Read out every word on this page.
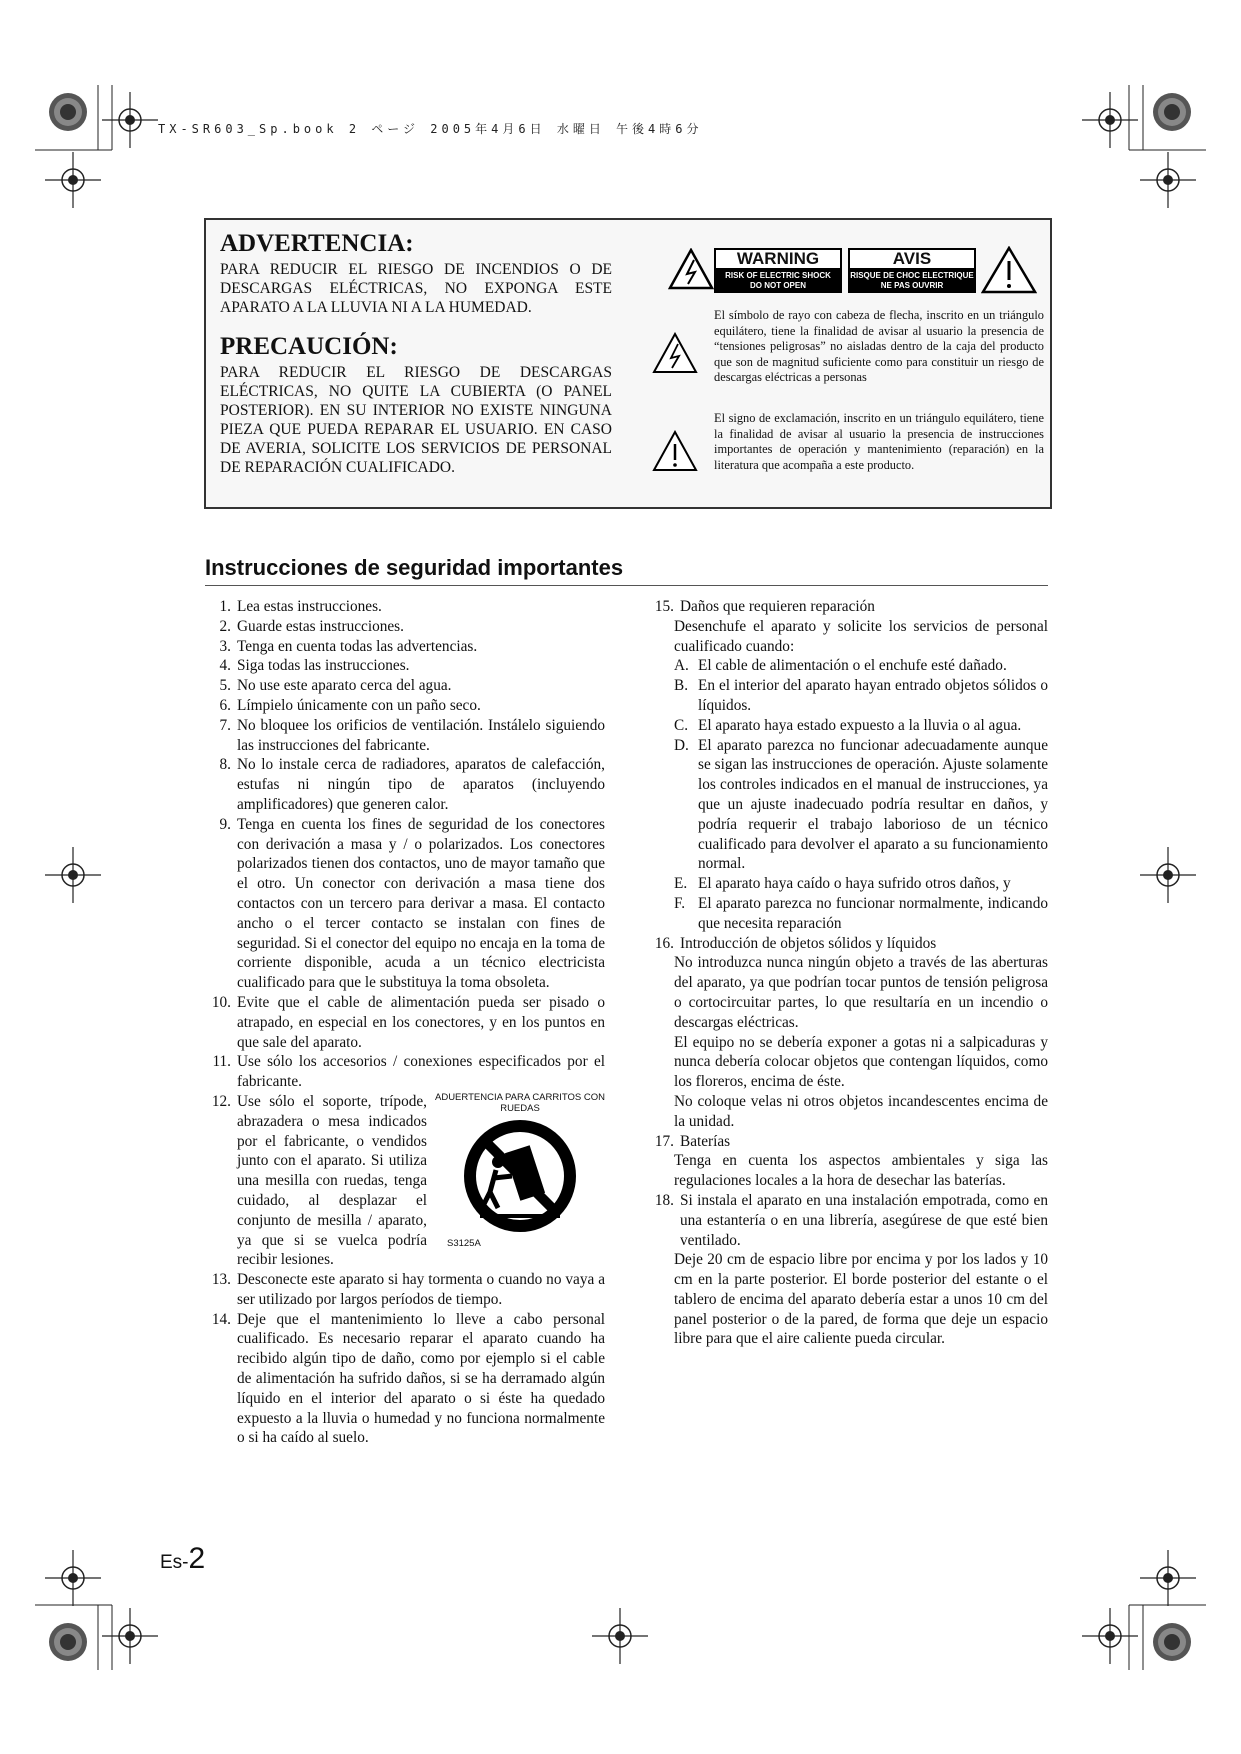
TX-SR603_Sp.book 2 ページ 2005年4月6日 水曜日 午後4時6分
ADVERTENCIA:
PARA REDUCIR EL RIESGO DE INCENDIOS O DE DESCARGAS ELÉCTRICAS, NO EXPONGA ESTE APARATO A LA LLUVIA NI A LA HUMEDAD.
PRECAUCIÓN:
PARA REDUCIR EL RIESGO DE DESCARGAS ELÉCTRICAS, NO QUITE LA CUBIERTA (O PANEL POSTERIOR). EN SU INTERIOR NO EXISTE NINGUNA PIEZA QUE PUEDA REPARAR EL USUARIO. EN CASO DE AVERIA, SOLICITE LOS SERVICIOS DE PERSONAL DE REPARACIÓN CUALIFICADO.
WARNING
RISK OF ELECTRIC SHOCK
DO NOT OPEN
AVIS
RISQUE DE CHOC ELECTRIQUE
NE PAS OUVRIR
El símbolo de rayo con cabeza de flecha, inscrito en un triángulo equilátero, tiene la finalidad de avisar al usuario la presencia de “tensiones peligrosas” no aisladas dentro de la caja del producto que son de magnitud suficiente como para constituir un riesgo de descargas eléctricas a personas
El signo de exclamación, inscrito en un triángulo equilátero, tiene la finalidad de avisar al usuario la presencia de instrucciones importantes de operación y mantenimiento (reparación) en la literatura que acompaña a este producto.
Instrucciones de seguridad importantes
1. Lea estas instrucciones.
2. Guarde estas instrucciones.
3. Tenga en cuenta todas las advertencias.
4. Siga todas las instrucciones.
5. No use este aparato cerca del agua.
6. Límpielo únicamente con un paño seco.
7. No bloquee los orificios de ventilación. Instálelo siguiendo las instrucciones del fabricante.
8. No lo instale cerca de radiadores, aparatos de calefacción, estufas ni ningún tipo de aparatos (incluyendo amplificadores) que generen calor.
9. Tenga en cuenta los fines de seguridad de los conectores con derivación a masa y / o polarizados. Los conectores polarizados tienen dos contactos, uno de mayor tamaño que el otro. Un conector con derivación a masa tiene dos contactos con un tercero para derivar a masa. El contacto ancho o el tercer contacto se instalan con fines de seguridad. Si el conector del equipo no encaja en la toma de corriente disponible, acuda a un técnico electricista cualificado para que le substituya la toma obsoleta.
10. Evite que el cable de alimentación pueda ser pisado o atrapado, en especial en los conectores, y en los puntos en que sale del aparato.
11. Use sólo los accesorios / conexiones especificados por el fabricante.
12. Use sólo el soporte, trípode, abrazadera o mesa indicados por el fabricante, o vendidos junto con el aparato. Si utiliza una mesilla con ruedas, tenga cuidado, al desplazar el conjunto de mesilla / aparato, ya que si se vuelca podría recibir lesiones.
ADUERTENCIA PARA CARRITOS CON RUEDAS
S3125A
13. Desconecte este aparato si hay tormenta o cuando no vaya a ser utilizado por largos períodos de tiempo.
14. Deje que el mantenimiento lo lleve a cabo personal cualificado. Es necesario reparar el aparato cuando ha recibido algún tipo de daño, como por ejemplo si el cable de alimentación ha sufrido daños, si se ha derramado algún líquido en el interior del aparato o si éste ha quedado expuesto a la lluvia o humedad y no funciona normalmente o si ha caído al suelo.
15. Daños que requieren reparación
Desenchufe el aparato y solicite los servicios de personal cualificado cuando:
A. El cable de alimentación o el enchufe esté dañado.
B. En el interior del aparato hayan entrado objetos sólidos o líquidos.
C. El aparato haya estado expuesto a la lluvia o al agua.
D. El aparato parezca no funcionar adecuadamente aunque se sigan las instrucciones de operación. Ajuste solamente los controles indicados en el manual de instrucciones, ya que un ajuste inadecuado podría resultar en daños, y podría requerir el trabajo laborioso de un técnico cualificado para devolver el aparato a su funcionamiento normal.
E. El aparato haya caído o haya sufrido otros daños, y
F. El aparato parezca no funcionar normalmente, indicando que necesita reparación
16. Introducción de objetos sólidos y líquidos
No introduzca nunca ningún objeto a través de las aberturas del aparato, ya que podrían tocar puntos de tensión peligrosa o cortocircuitar partes, lo que resultaría en un incendio o descargas eléctricas.
El equipo no se debería exponer a gotas ni a salpicaduras y nunca debería colocar objetos que contengan líquidos, como los floreros, encima de éste.
No coloque velas ni otros objetos incandescentes encima de la unidad.
17. Baterías
Tenga en cuenta los aspectos ambientales y siga las regulaciones locales a la hora de desechar las baterías.
18. Si instala el aparato en una instalación empotrada, como en una estantería o en una librería, asegúrese de que esté bien ventilado.
Deje 20 cm de espacio libre por encima y por los lados y 10 cm en la parte posterior. El borde posterior del estante o el tablero de encima del aparato debería estar a unos 10 cm del panel posterior o de la pared, de forma que deje un espacio libre para que el aire caliente pueda circular.
Es-2
